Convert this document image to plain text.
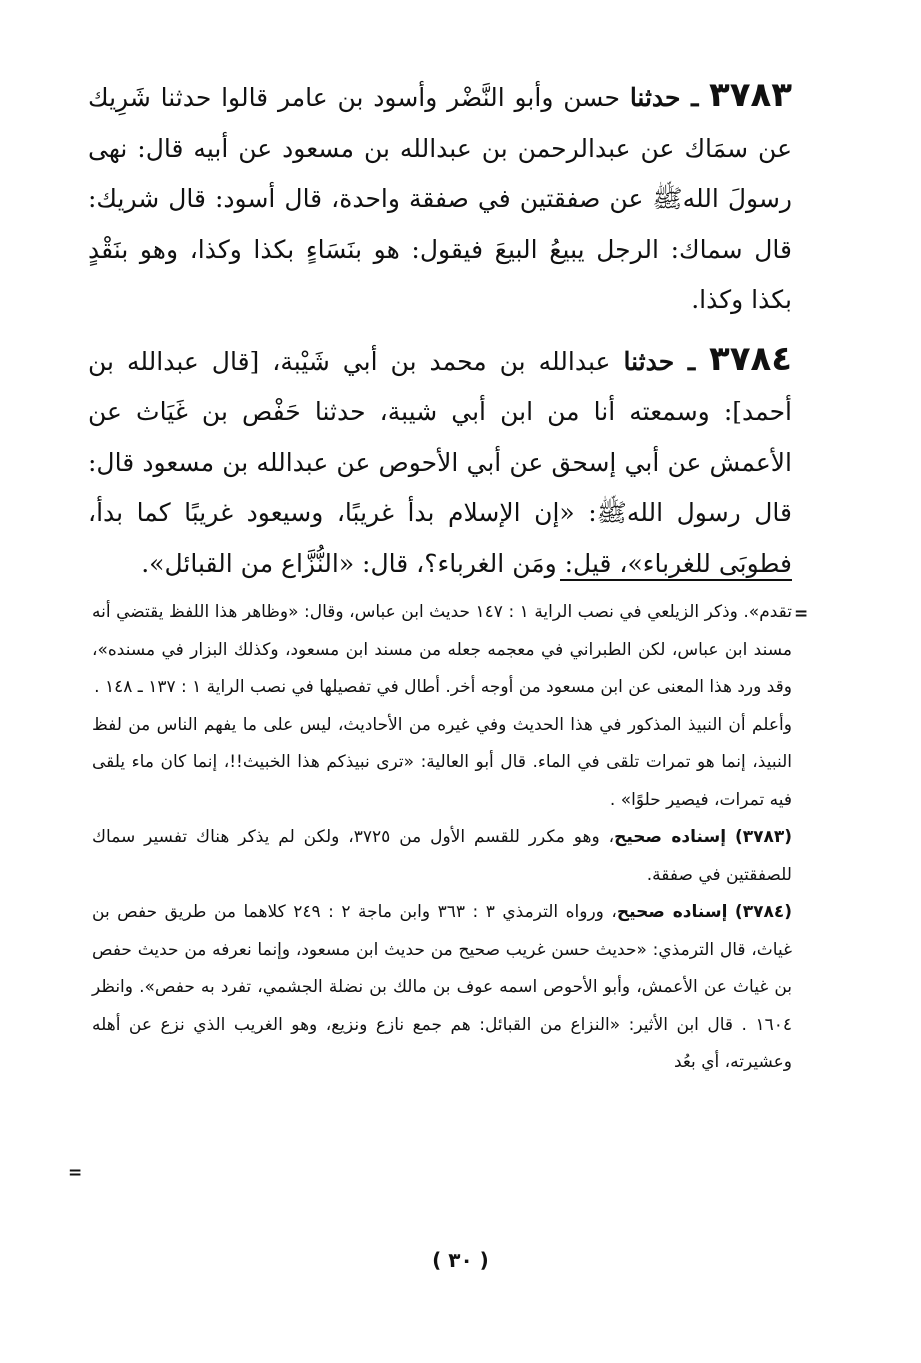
٣٧٨٣ ـ حدثنا حسن وأبو النَّضْر وأسود بن عامر قالوا حدثنا شَرِيك عن سمَاك عن عبدالرحمن بن عبدالله بن مسعود عن أبيه قال: نهى رسولَ اللهﷺ عن صفقتين في صفقة واحدة، قال أسود: قال شريك: قال سماك: الرجل يبيعُ البيعَ فيقول: هو بنَسَاءٍ بكذا وكذا، وهو بنَقْدٍ بكذا وكذا.

٣٧٨٤ ـ حدثنا عبدالله بن محمد بن أبي شَيْبة، [قال عبدالله بن أحمد]: وسمعته أنا من ابن أبي شيبة، حدثنا حَفْص بن غَيَاث عن الأعمش عن أبي إسحق عن أبي الأحوص عن عبدالله بن مسعود قال: قال رسول اللهﷺ: «إن الإسلام بدأ غريبًا، وسيعود غريبًا كما بدأ، فطوبَى للغرباء»، قيل: ومَن الغرباء؟، قال: «النُّزَّاع من القبائل».

=

تقدم». وذكر الزيلعي في نصب الراية ١ : ١٤٧ حديث ابن عباس، وقال: «وظاهر هذا اللفظ يقتضي أنه مسند ابن عباس، لكن الطبراني في معجمه جعله من مسند ابن مسعود، وكذلك البزار في مسنده»، وقد ورد هذا المعنى عن ابن مسعود من أوجه أخر. أطال في تفصيلها في نصب الراية ١ : ١٣٧ ـ ١٤٨ .

وأعلم أن النبيذ المذكور في هذا الحديث وفي غيره من الأحاديث، ليس على ما يفهم الناس من لفظ النبيذ، إنما هو تمرات تلقى في الماء. قال أبو العالية: «ترى نبيذكم هذا الخبيث!!، إنما كان ماء يلقى فيه تمرات، فيصير حلوًا» .

(٣٧٨٣) إسناده صحيح، وهو مكرر للقسم الأول من ٣٧٢٥، ولكن لم يذكر هناك تفسير سماك للصفقتين في صفقة.

(٣٧٨٤) إسناده صحيح، ورواه الترمذي ٣ : ٣٦٣ وابن ماجة ٢ : ٢٤٩ كلاهما من طريق حفص بن غياث، قال الترمذي: «حديث حسن غريب صحيح من حديث ابن مسعود، وإنما نعرفه من حديث حفص بن غياث عن الأعمش، وأبو الأحوص اسمه عوف بن مالك بن نضلة الجشمي، تفرد به حفص». وانظر ١٦٠٤ . قال ابن الأثير: «النزاع من القبائل: هم جمع نازع ونزيع، وهو الغريب الذي نزع عن أهله وعشيرته، أي بعُد

=
( ٣٠ )
